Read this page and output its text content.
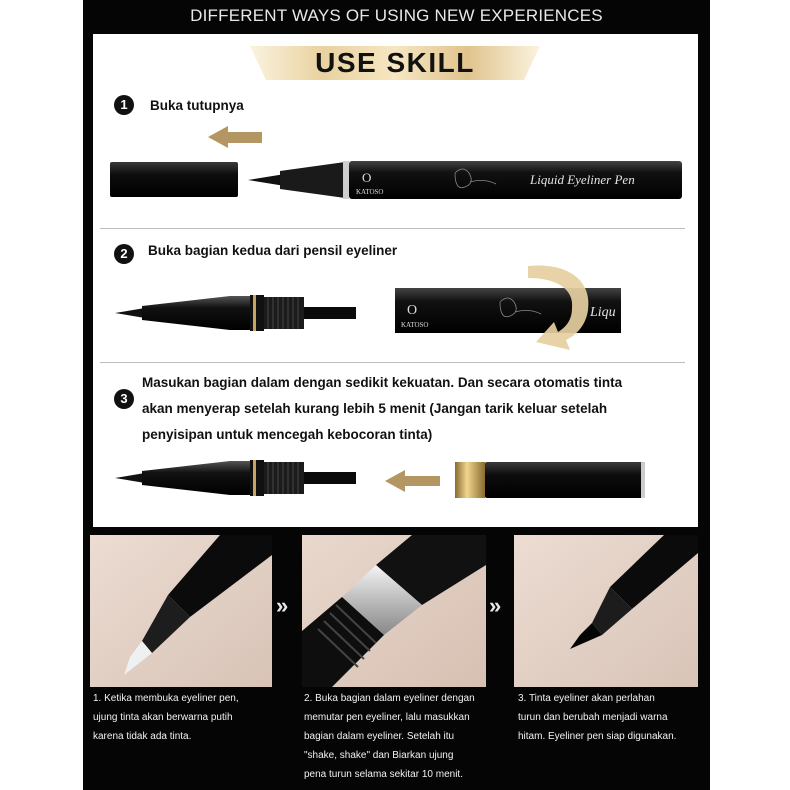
DIFFERENT WAYS OF USING NEW EXPERIENCES
USE SKILL
1	Buka tutupnya
O
KATOSO
Liquid Eyeliner Pen
2	Buka bagian kedua dari pensil eyeliner
O
KATOSO
Liqu
3
Masukan bagian dalam dengan sedikit kekuatan. Dan secara otomatis tinta
akan menyerap setelah kurang lebih 5 menit (Jangan tarik keluar setelah
penyisipan untuk mencegah kebocoran tinta)
»	»
1. Ketika membuka eyeliner pen,
ujung tinta akan berwarna putih
karena tidak ada tinta.
2. Buka bagian dalam eyeliner dengan
memutar pen eyeliner, lalu masukkan
bagian dalam eyeliner. Setelah itu
"shake, shake" dan Biarkan ujung
pena turun selama sekitar 10 menit.
3. Tinta eyeliner akan perlahan
turun dan berubah menjadi warna
hitam. Eyeliner pen siap digunakan.
